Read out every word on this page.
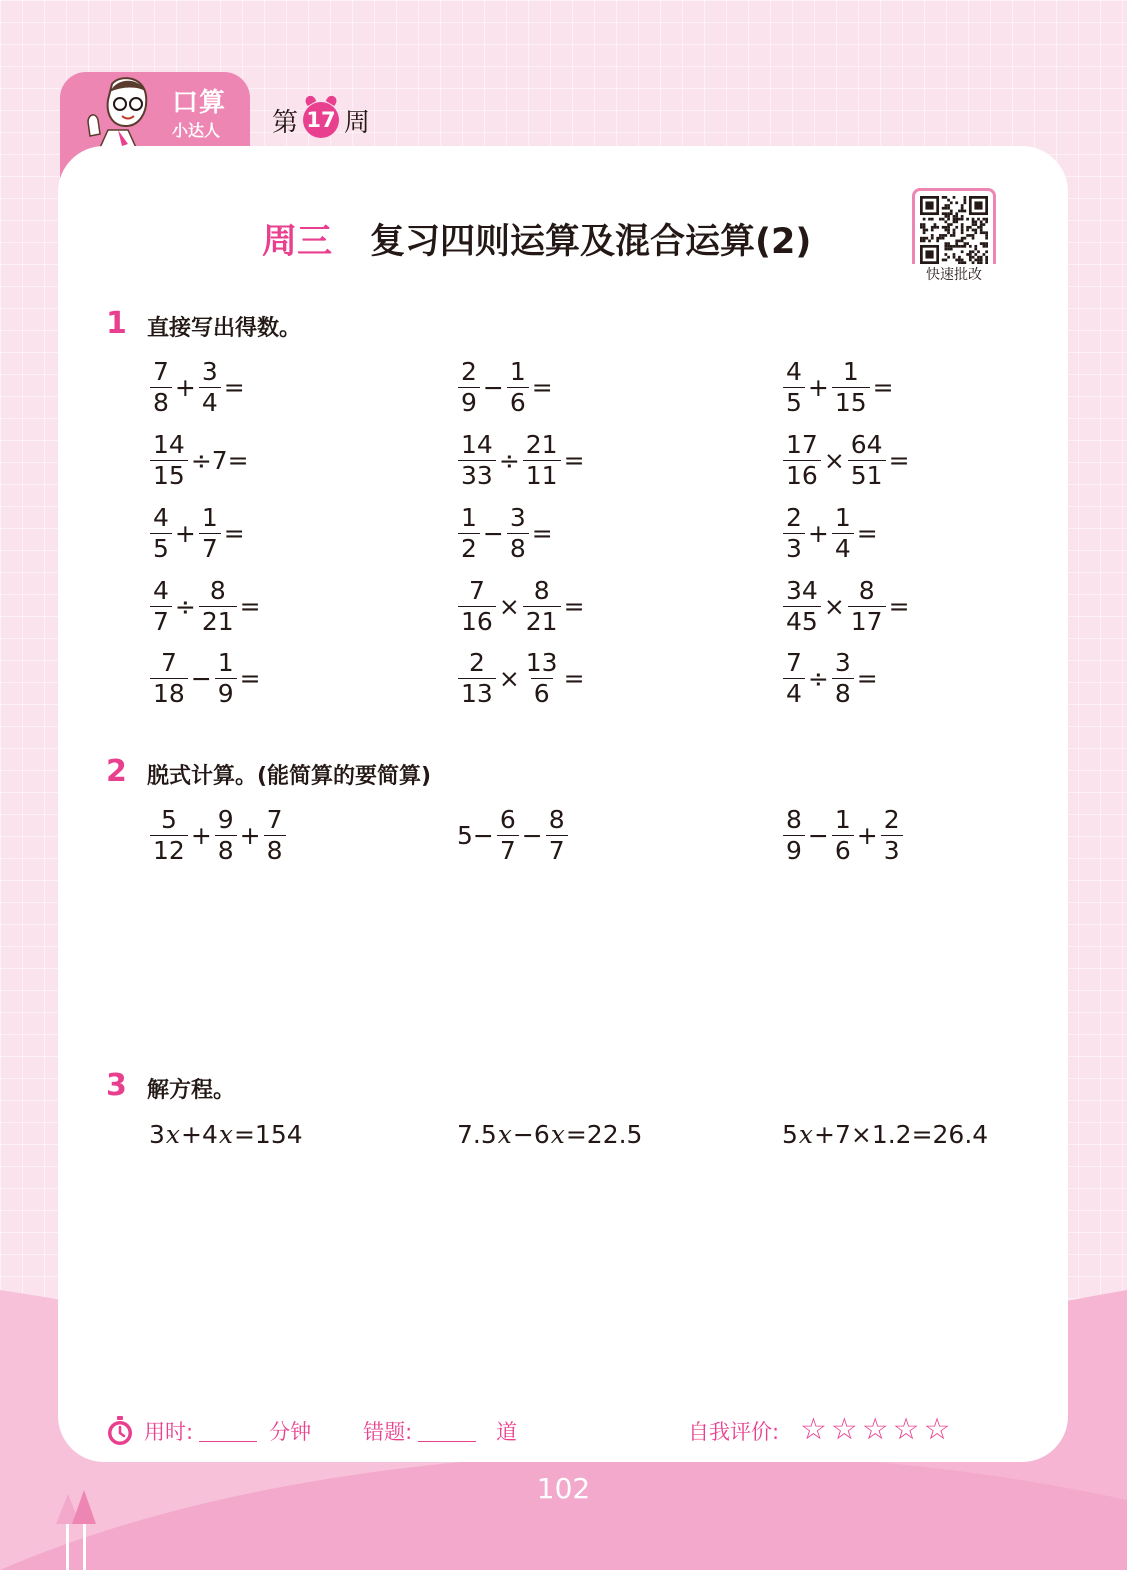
口算
小达人 第 17 周
周三 复习四则运算及混合运算(2)
快速批改
1 直接写出得数。
2 脱式计算。(能简算的要简算)
3 解方程。
$\frac{7}{8} + \frac{3}{4}$ =	$\frac{2}{9} - \frac{1}{6}$ =	$\frac{4}{5} + \frac{1}{15}$ =
$\frac{14}{15} \div 7=$	$\frac{14}{33} \div \frac{21}{11}$ =	$\frac{17}{16} \times \frac{64}{51}$ =
$\frac{4}{5} + \frac{1}{7}$ =	$\frac{1}{2} - \frac{3}{8}$ =	$\frac{2}{3} + \frac{1}{4}$ =
$\frac{4}{7} \div \frac{8}{21}$ =	$\frac{7}{16} \times \frac{8}{21}$ =	$\frac{34}{45} \times \frac{8}{17}$ =
$\frac{7}{18} - \frac{1}{9}$ =	$\frac{2}{13} \times \frac{13}{6}$ =	$\frac{7}{4} \div \frac{3}{8}$ =
$\frac{5}{12} + \frac{9}{8} + \frac{7}{8}$	$5- \frac{6}{7} - \frac{8}{7}$	$\frac{8}{9} - \frac{1}{6} + \frac{2}{3}$
3 x +4 x =154	7.5 x −6 x =22.5	5 x +7×1.2=26.4
用时:	分钟 错题:	道	自我评价: ☆☆☆☆☆
102
